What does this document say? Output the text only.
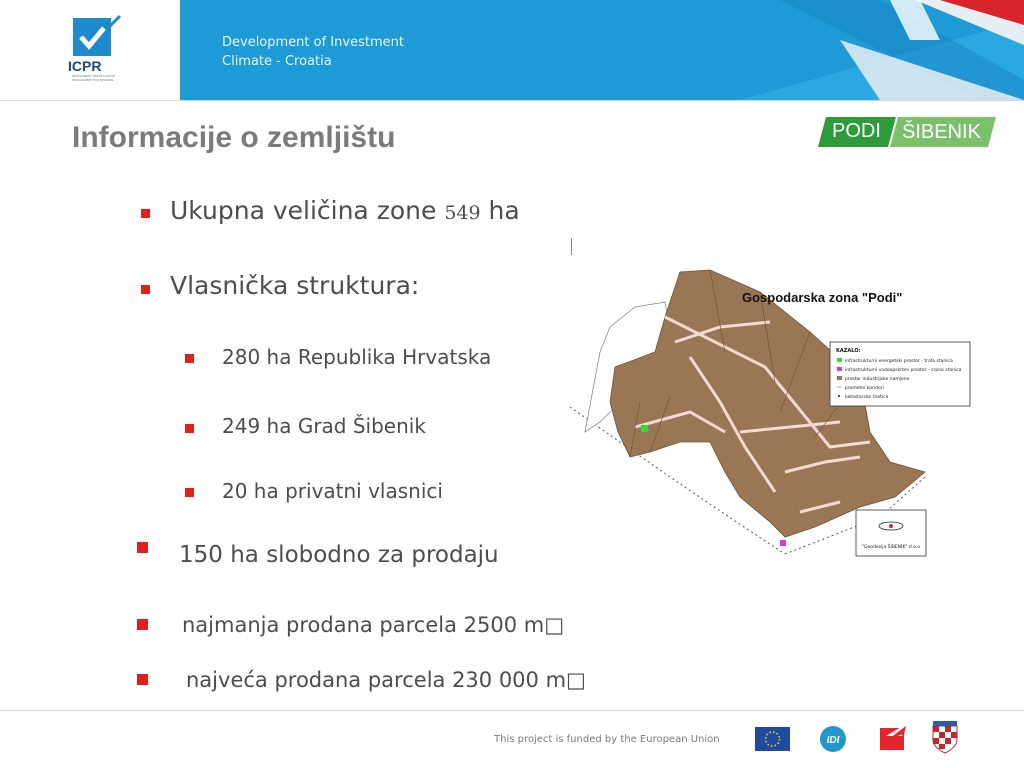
ICPR
INVESTMENT CERTIFICATION PROGRAMME FOR REGIONS
Development of Investment
Climate - Croatia
Informacije o zemljištu	PODI ŠIBENIK
Ukupna veličina zone 549 ha
Vlasnička struktura:
280 ha Republika Hrvatska
249 ha Grad Šibenik
20 ha privatni vlasnici
150 ha slobodno za prodaju
najmanja prodana parcela 2500 m□
najveća prodana parcela 230 000 m□
Gospodarska zona "Podi"
KAZALO:
infrastrukturni energetski prostor - trafo stanica
infrastrukturni vodoopskrbni prostor - crpna stanica
prostor industrijske namjene
prometni koridori
katastarske čestice
"Geodezija ŠIBENIK" d.o.o
This project is funded by the European Union	IDI
